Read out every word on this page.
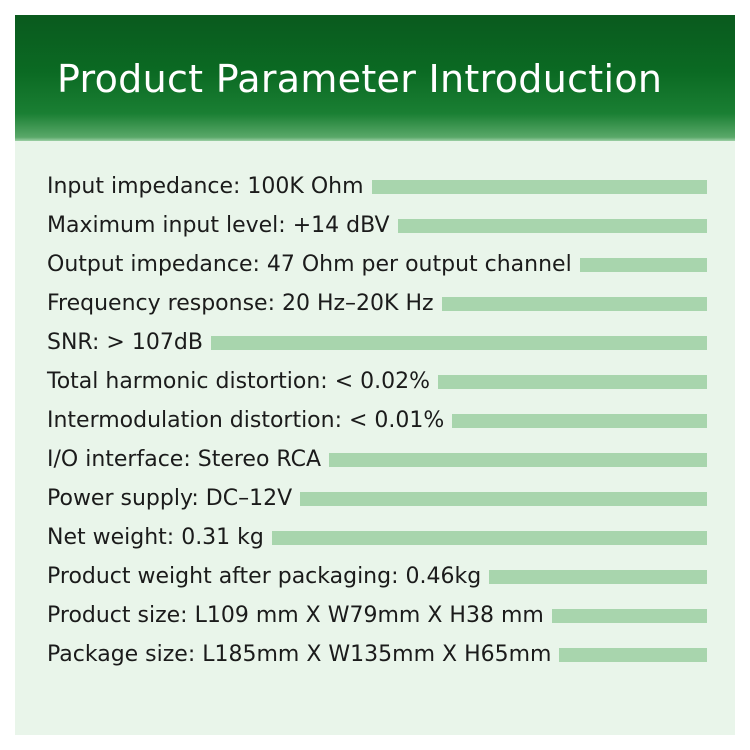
Product Parameter Introduction
Input impedance: 100K Ohm
Maximum input level: +14 dBV
Output impedance: 47 Ohm per output channel
Frequency response: 20 Hz–20K Hz
SNR: > 107dB
Total harmonic distortion: < 0.02%
Intermodulation distortion: < 0.01%
I/O interface: Stereo RCA
Power supply: DC–12V
Net weight: 0.31 kg
Product weight after packaging: 0.46kg
Product size: L109 mm X W79mm X H38 mm
Package size: L185mm X W135mm X H65mm
